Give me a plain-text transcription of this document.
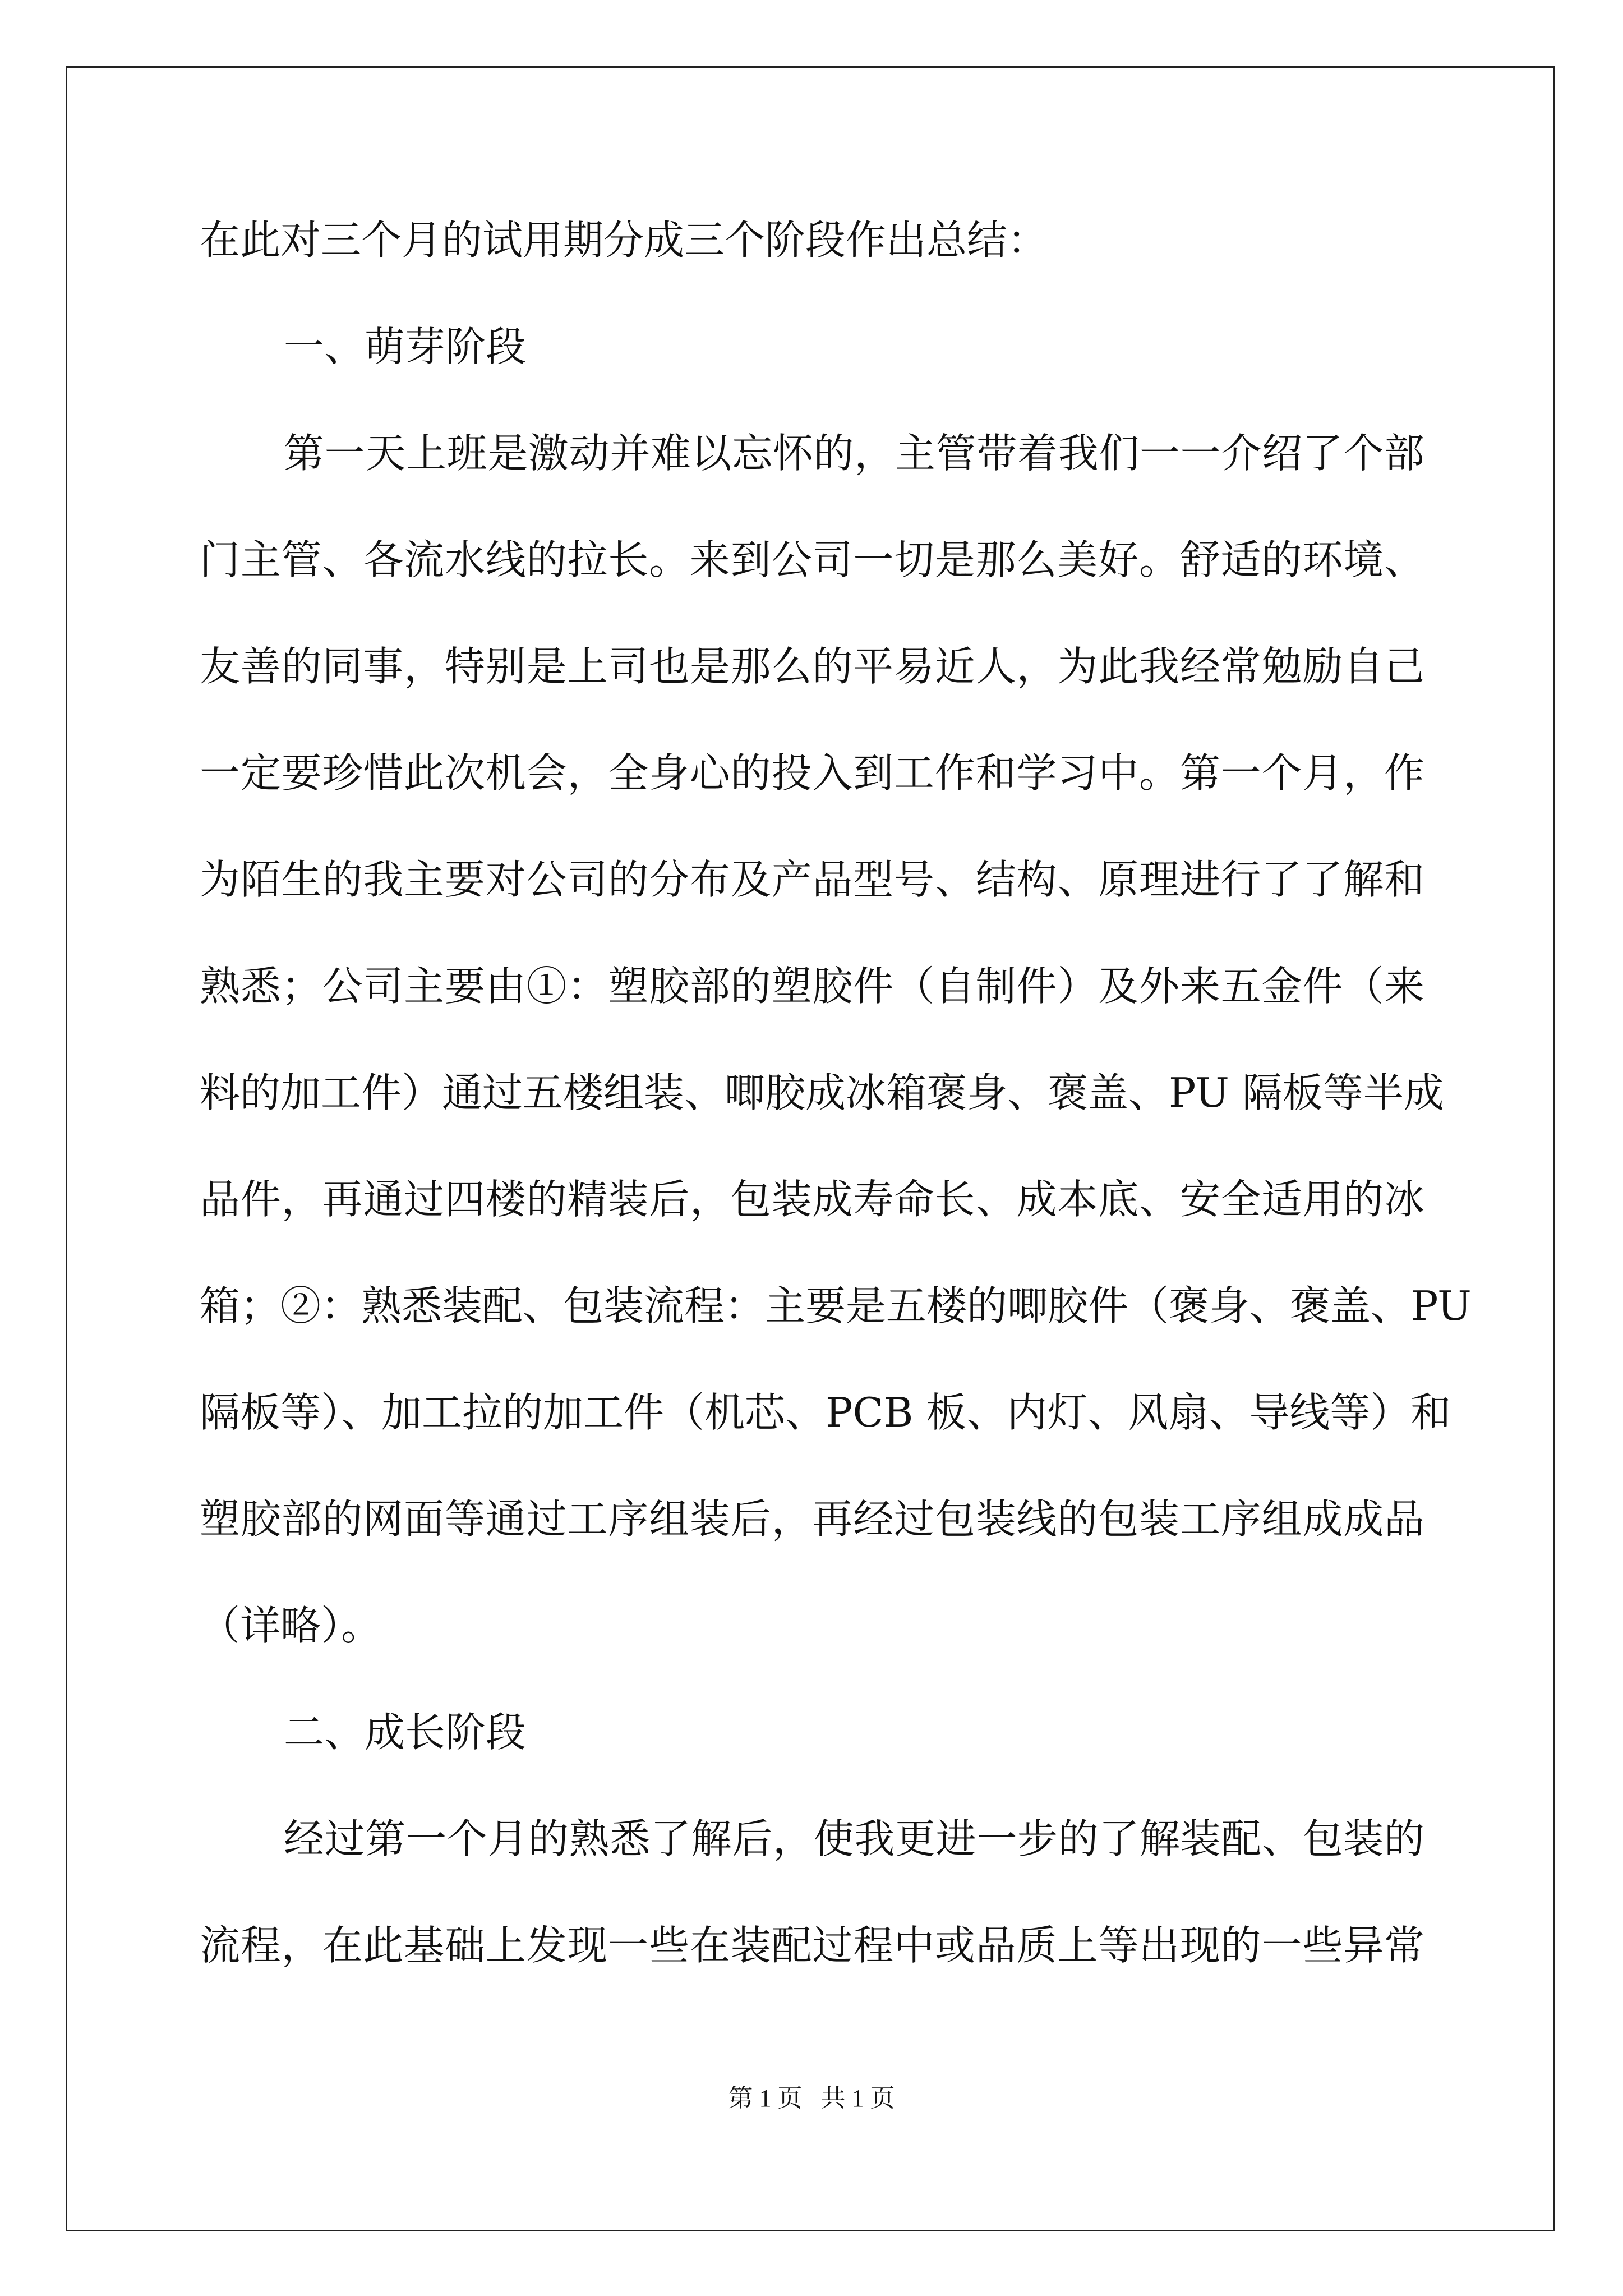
在此对三个月的试用期分成三个阶段作出总结：
一、萌芽阶段
第一天上班是激动并难以忘怀的，主管带着我们一一介绍了个部
门主管、各流水线的拉长。来到公司一切是那么美好。舒适的环境、
友善的同事，特别是上司也是那么的平易近人，为此我经常勉励自己
一定要珍惜此次机会，全身心的投入到工作和学习中。第一个月，作
为陌生的我主要对公司的分布及产品型号、结构、原理进行了了解和
熟悉；公司主要由①：塑胶部的塑胶件（自制件）及外来五金件（来
料的加工件）通过五楼组装、唧胶成冰箱褒身、褒盖、PU 隔板等半成
品件，再通过四楼的精装后，包装成寿命长、成本底、安全适用的冰
箱；②：熟悉装配、包装流程：主要是五楼的唧胶件（褒身、褒盖、PU
隔板等）、加工拉的加工件（机芯、PCB 板、内灯、风扇、导线等）和
塑胶部的网面等通过工序组装后，再经过包装线的包装工序组成成品
（详略）。
二、成长阶段
经过第一个月的熟悉了解后，使我更进一步的了解装配、包装的
流程，在此基础上发现一些在装配过程中或品质上等出现的一些异常
第 1 页 共 1 页
